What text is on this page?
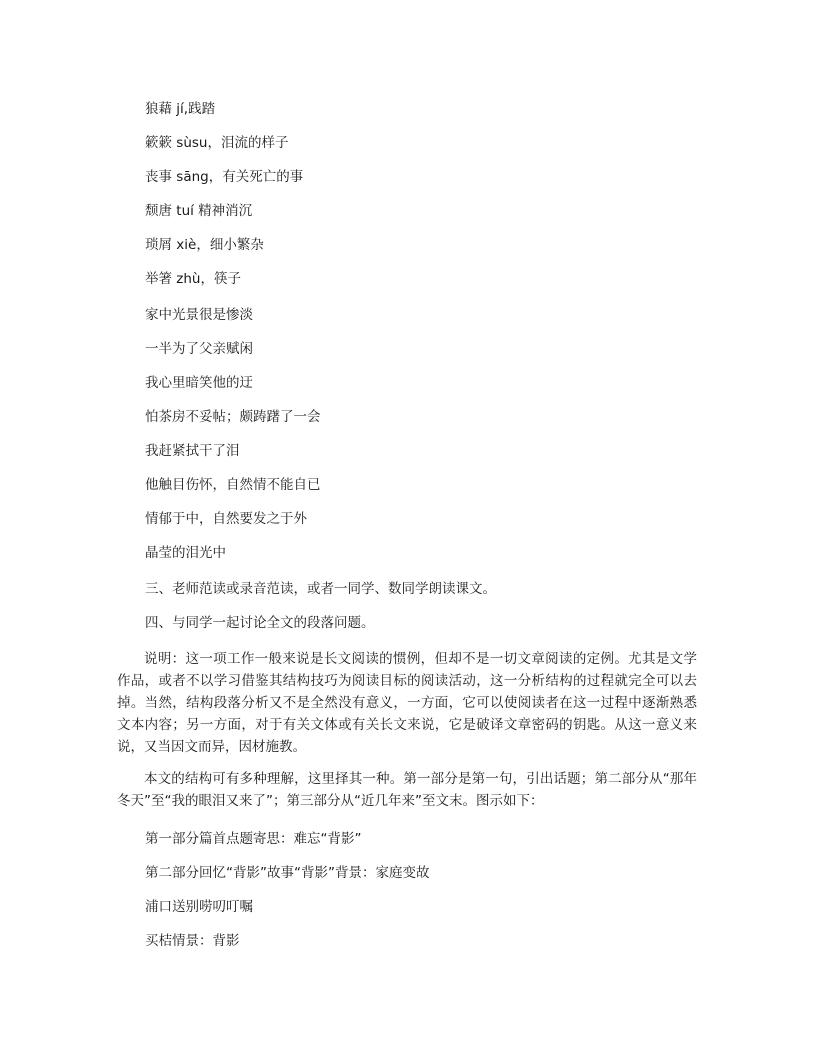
狼藉 jí,践踏
簌簌 sùsu，泪流的样子
丧事 sāng，有关死亡的事
颓唐 tuí 精神消沉
琐屑 xiè，细小繁杂
举箸 zhù，筷子
家中光景很是惨淡
一半为了父亲赋闲
我心里暗笑他的迂
怕茶房不妥帖；颇踌躇了一会
我赶紧拭干了泪
他触目伤怀，自然情不能自已
情郁于中，自然要发之于外
晶莹的泪光中
三、老师范读或录音范读，或者一同学、数同学朗读课文。
四、与同学一起讨论全文的段落问题。
说明：这一项工作一般来说是长文阅读的惯例，但却不是一切文章阅读的定例。尤其是文学作品，或者不以学习借鉴其结构技巧为阅读目标的阅读活动，这一分析结构的过程就完全可以去掉。当然，结构段落分析又不是全然没有意义，一方面，它可以使阅读者在这一过程中逐渐熟悉文本内容；另一方面，对于有关文体或有关长文来说，它是破译文章密码的钥匙。从这一意义来说，又当因文而异，因材施教。
本文的结构可有多种理解，这里择其一种。第一部分是第一句，引出话题；第二部分从“那年冬天”至“我的眼泪又来了”；第三部分从“近几年来”至文末。图示如下：
第一部分篇首点题寄思：难忘“背影”
第二部分回忆“背影”故事“背影”背景：家庭变故
浦口送别唠叨叮嘱
买桔情景：背影
